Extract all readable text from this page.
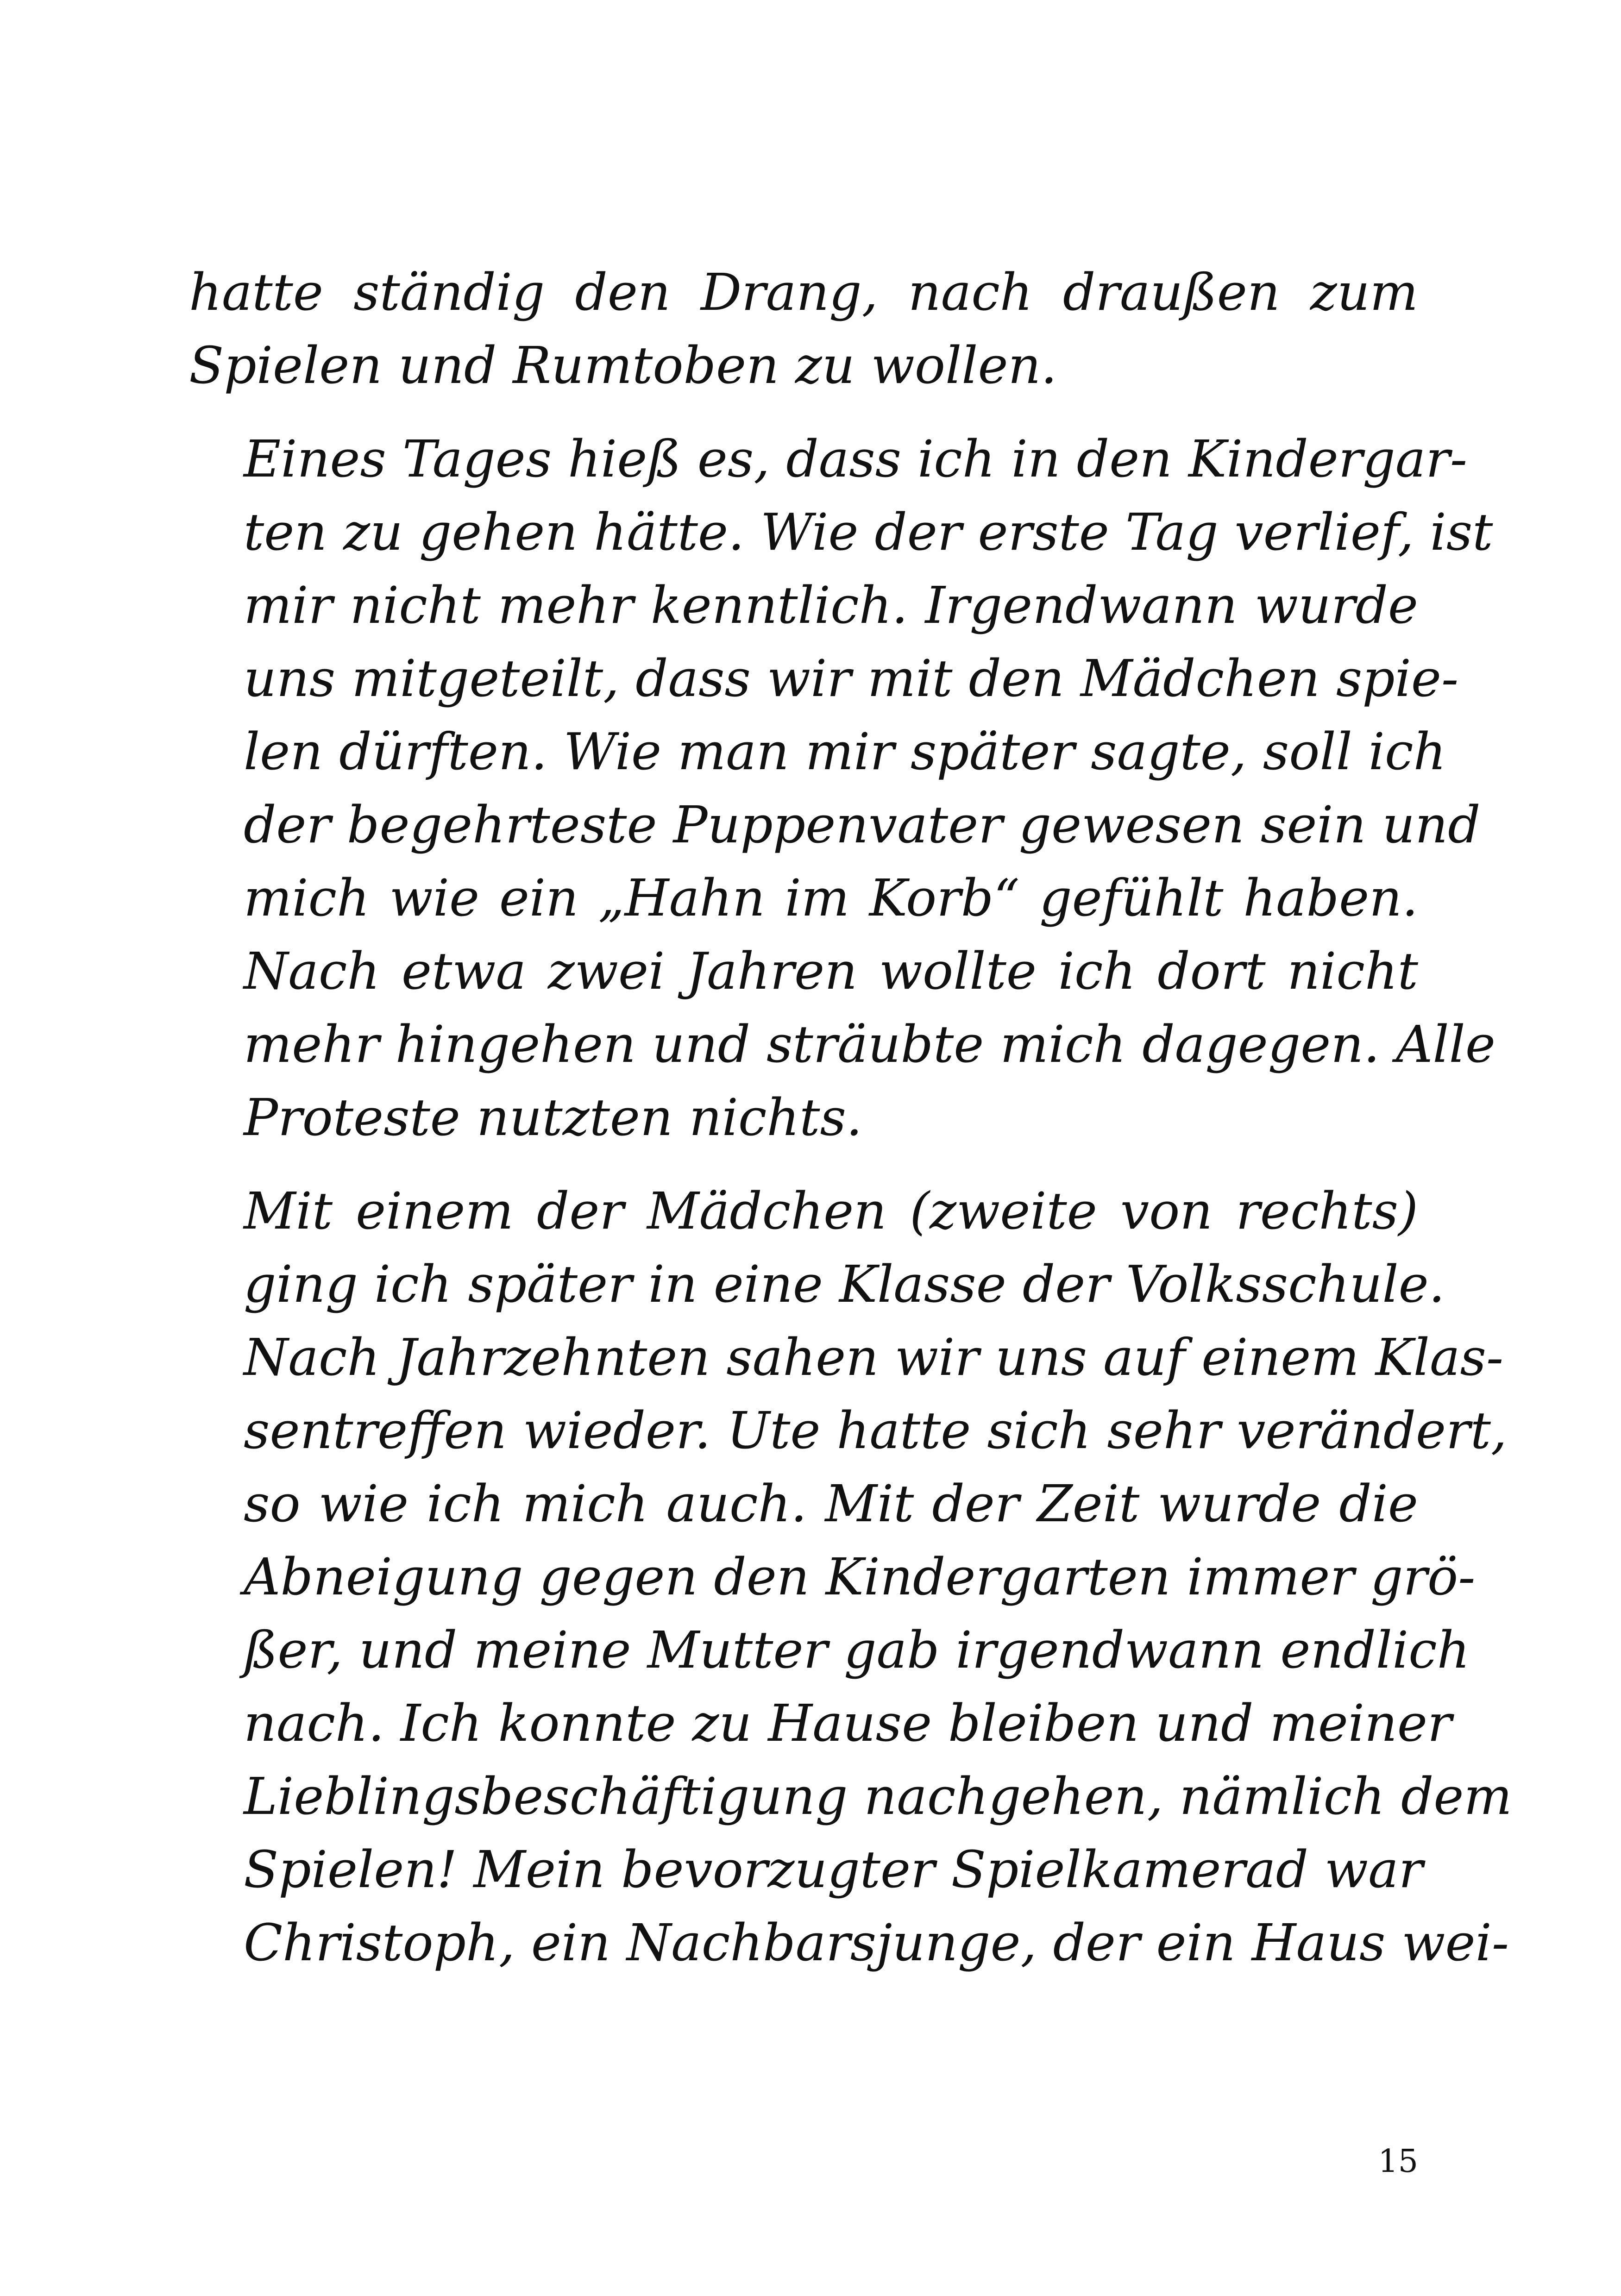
hatte ständig den Drang, nach draußen zum
Spielen und Rumtoben zu wollen.

Eines Tages hieß es, dass ich in den Kindergar-
ten zu gehen hätte. Wie der erste Tag verlief, ist
mir nicht mehr kenntlich. Irgendwann wurde
uns mitgeteilt, dass wir mit den Mädchen spie-
len dürften. Wie man mir später sagte, soll ich
der begehrteste Puppenvater gewesen sein und
mich wie ein „Hahn im Korb“ gefühlt haben.
Nach etwa zwei Jahren wollte ich dort nicht
mehr hingehen und sträubte mich dagegen. Alle
Proteste nutzten nichts.

Mit einem der Mädchen (zweite von rechts)
ging ich später in eine Klasse der Volksschule.
Nach Jahrzehnten sahen wir uns auf einem Klas-
sentreffen wieder. Ute hatte sich sehr verändert,
so wie ich mich auch. Mit der Zeit wurde die
Abneigung gegen den Kindergarten immer grö-
ßer, und meine Mutter gab irgendwann endlich
nach. Ich konnte zu Hause bleiben und meiner
Lieblingsbeschäftigung nachgehen, nämlich dem
Spielen! Mein bevorzugter Spielkamerad war
Christoph, ein Nachbarsjunge, der ein Haus wei-

15
